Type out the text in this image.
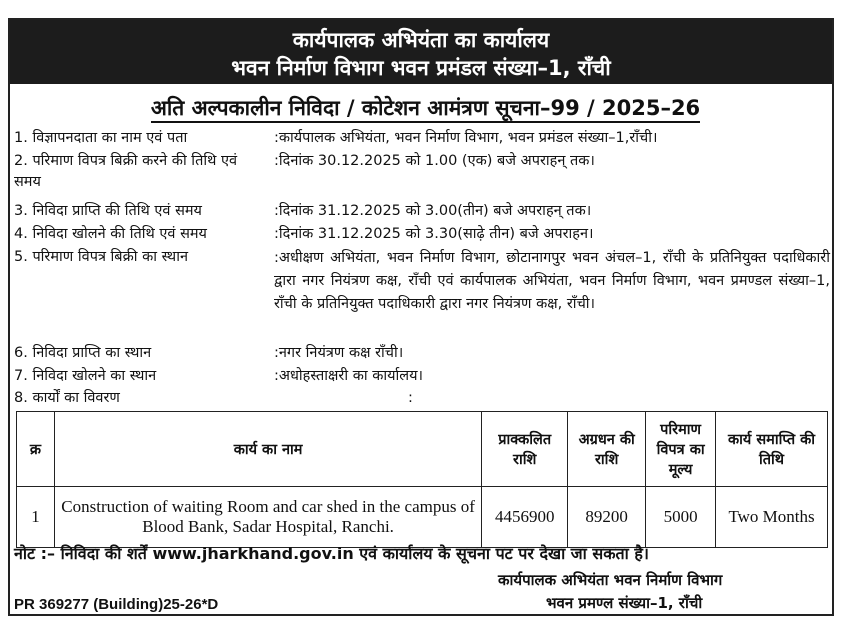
कार्यपालक अभियंता का कार्यालय
भवन निर्माण विभाग भवन प्रमंडल संख्या–1, राँची
अति अल्पकालीन निविदा / कोटेशन आमंत्रण सूचना–99 / 2025–26
1. विज्ञापनदाता का नाम एवं पता	:कार्यपालक अभियंता, भवन निर्माण विभाग, भवन प्रमंडल संख्या–1,राँची।
2. परिमाण विपत्र बिक्री करने की तिथि एवं समय
:दिनांक 30.12.2025 को 1.00 (एक) बजे अपराहन् तक।
3. निविदा प्राप्ति की तिथि एवं समय	:दिनांक 31.12.2025 को 3.00(तीन) बजे अपराहन् तक।
4. निविदा खोलने की तिथि एवं समय	:दिनांक 31.12.2025 को 3.30(साढ़े तीन) बजे अपराहन।
5. परिमाण विपत्र बिक्री का स्थान	:अधीक्षण अभियंता, भवन निर्माण विभाग, छोटानागपुर भवन अंचल–1, राँची के प्रतिनियुक्त पदाधिकारी द्वारा नगर नियंत्रण कक्ष, राँची एवं कार्यपालक अभियंता, भवन निर्माण विभाग, भवन प्रमण्डल संख्या–1, राँची के प्रतिनियुक्त पदाधिकारी द्वारा नगर नियंत्रण कक्ष, राँची।
6. निविदा प्राप्ति का स्थान	:नगर नियंत्रण कक्ष राँची।
7. निविदा खोलने का स्थान	:अधोहस्ताक्षरी का कार्यालय।
8. कार्यों का विवरण	:
क्र	कार्य का नाम	प्राक्कलित राशि	अग्रधन की राशि	परिमाण विपत्र का मूल्य	कार्य समाप्ति की तिथि
1	Construction of waiting Room and car shed in the campus of Blood Bank, Sadar Hospital, Ranchi.	4456900	89200	5000	Two Months
नोट :– निविदा की शर्तें www.jharkhand.gov.in एवं कार्यालय के सूचना पट पर देखा जा सकता है।
कार्यपालक अभियंता भवन निर्माण विभाग
भवन प्रमण्ल संख्या–1, राँची
PR 369277 (Building)25-26*D
